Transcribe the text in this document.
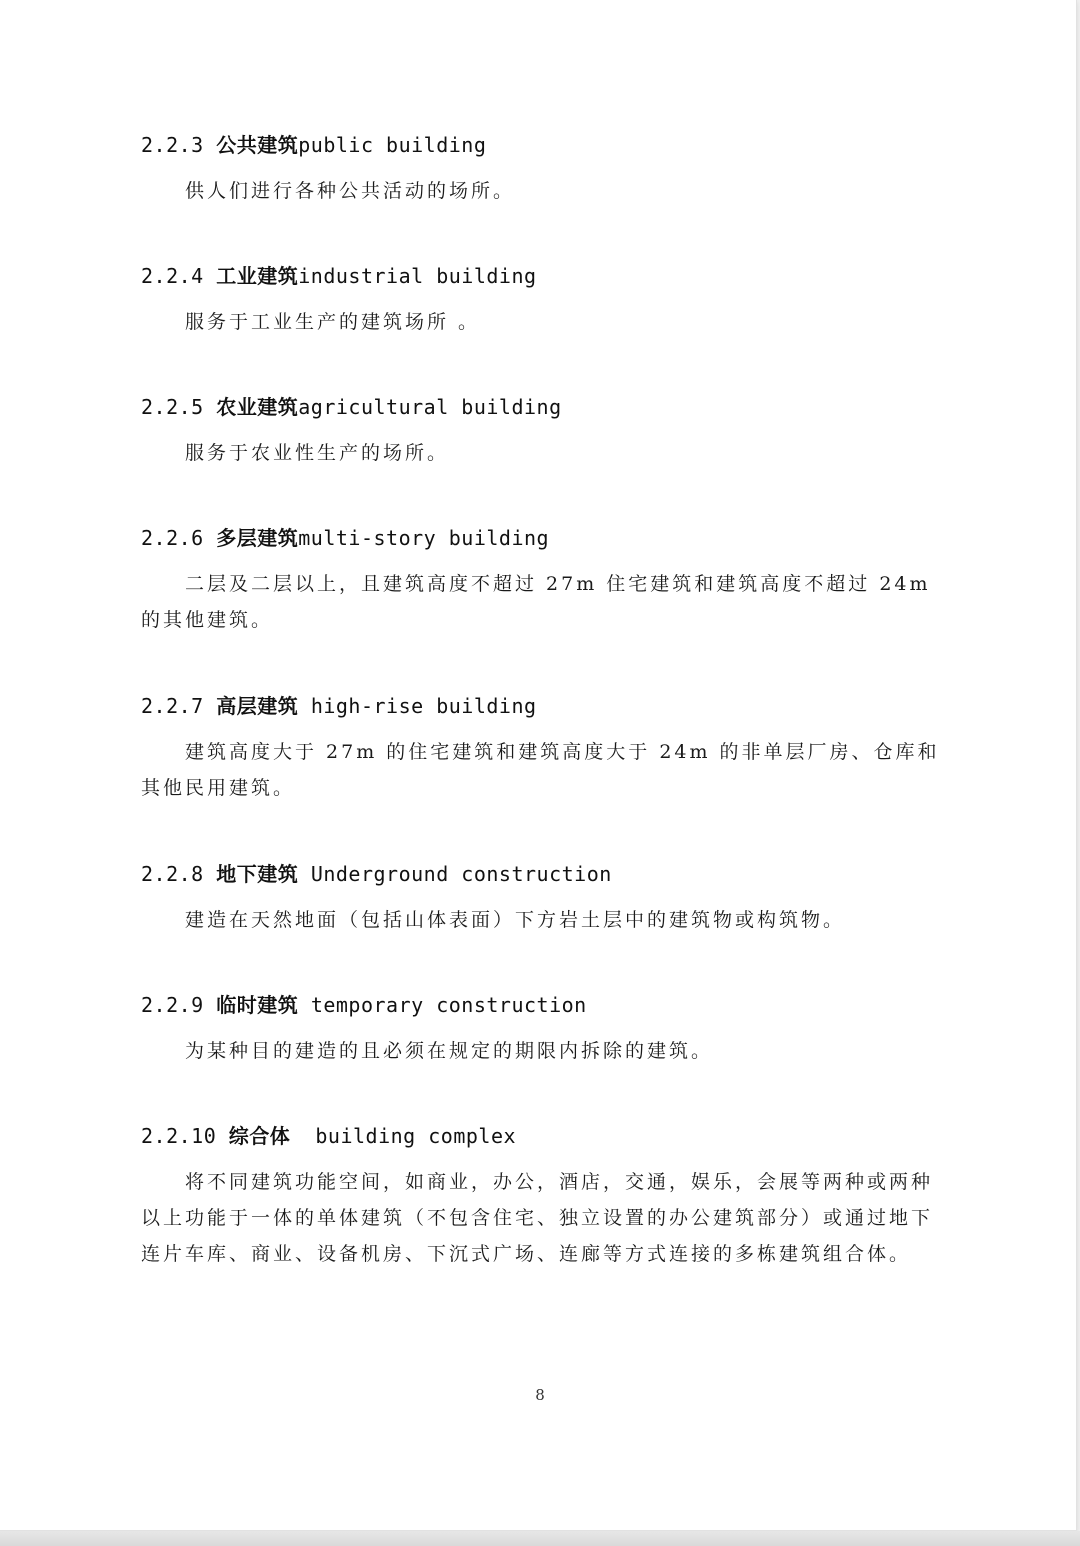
2.2.3 公共建筑public building
供人们进行各种公共活动的场所。
2.2.4 工业建筑industrial building
服务于工业生产的建筑场所 。
2.2.5 农业建筑agricultural building
服务于农业性生产的场所。
2.2.6 多层建筑multi-story building
二层及二层以上，且建筑高度不超过 27m 住宅建筑和建筑高度不超过 24m 的其他建筑。
2.2.7 高层建筑 high-rise building
建筑高度大于 27m 的住宅建筑和建筑高度大于 24m 的非单层厂房、仓库和其他民用建筑。
2.2.8 地下建筑 Underground construction
建造在天然地面（包括山体表面）下方岩土层中的建筑物或构筑物。
2.2.9 临时建筑 temporary construction
为某种目的建造的且必须在规定的期限内拆除的建筑。
2.2.10 综合体 building complex
将不同建筑功能空间，如商业，办公，酒店，交通，娱乐，会展等两种或两种以上功能于一体的单体建筑（不包含住宅、独立设置的办公建筑部分）或通过地下连片车库、商业、设备机房、下沉式广场、连廊等方式连接的多栋建筑组合体。
8
